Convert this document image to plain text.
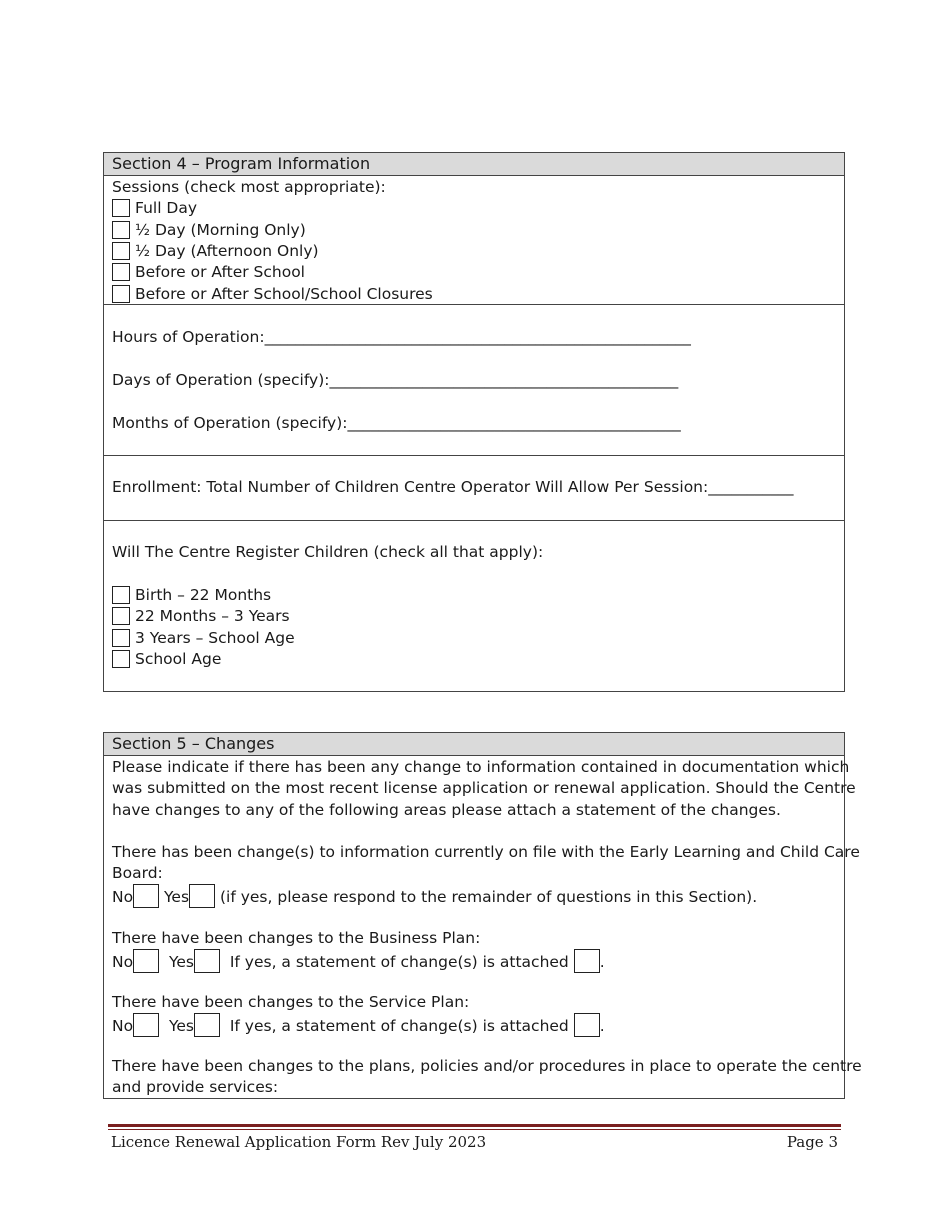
Section 4 – Program Information
Sessions (check most appropriate):
Full Day
½ Day (Morning Only)
½ Day (Afternoon Only)
Before or After School
Before or After School/School Closures
Hours of Operation:_______________________________________________________
Days of Operation (specify):_____________________________________________
Months of Operation (specify):___________________________________________
Enrollment: Total Number of Children Centre Operator Will Allow Per Session:___________
Will The Centre Register Children (check all that apply):
Birth – 22 Months
22 Months – 3 Years
3 Years – School Age
School Age
Section 5 – Changes
Please indicate if there has been any change to information contained in documentation which
was submitted on the most recent license application or renewal application. Should the Centre
have changes to any of the following areas please attach a statement of the changes.
There has been change(s) to information currently on file with the Early Learning and Child Care
Board:
No Yes (if yes, please respond to the remainder of questions in this Section).
There have been changes to the Business Plan:
No Yes If yes, a statement of change(s) is attached .
There have been changes to the Service Plan:
No Yes If yes, a statement of change(s) is attached .
There have been changes to the plans, policies and/or procedures in place to operate the centre
and provide services:
Licence Renewal Application Form Rev July 2023	Page 3
